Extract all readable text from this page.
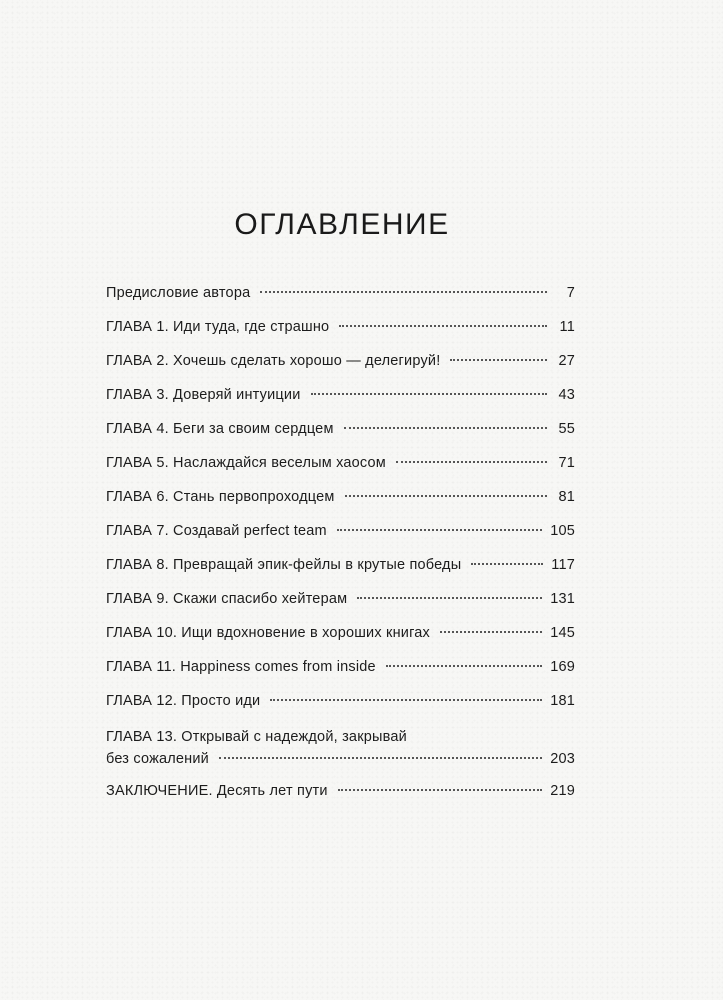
ОГЛАВЛЕНИЕ
Предисловие автора	7
ГЛАВА 1. Иди туда, где страшно	11
ГЛАВА 2. Хочешь сделать хорошо — делегируй!	27
ГЛАВА 3. Доверяй интуиции	43
ГЛАВА 4. Беги за своим сердцем	55
ГЛАВА 5. Наслаждайся веселым хаосом	71
ГЛАВА 6. Стань первопроходцем	81
ГЛАВА 7. Создавай perfect team	105
ГЛАВА 8. Превращай эпик-фейлы в крутые победы	117
ГЛАВА 9. Скажи спасибо хейтерам	131
ГЛАВА 10. Ищи вдохновение в хороших книгах	145
ГЛАВА 11. Happiness comes from inside	169
ГЛАВА 12. Просто иди	181
ГЛАВА 13. Открывай с надеждой, закрывай
без сожалений	203
ЗАКЛЮЧЕНИЕ. Десять лет пути	219
